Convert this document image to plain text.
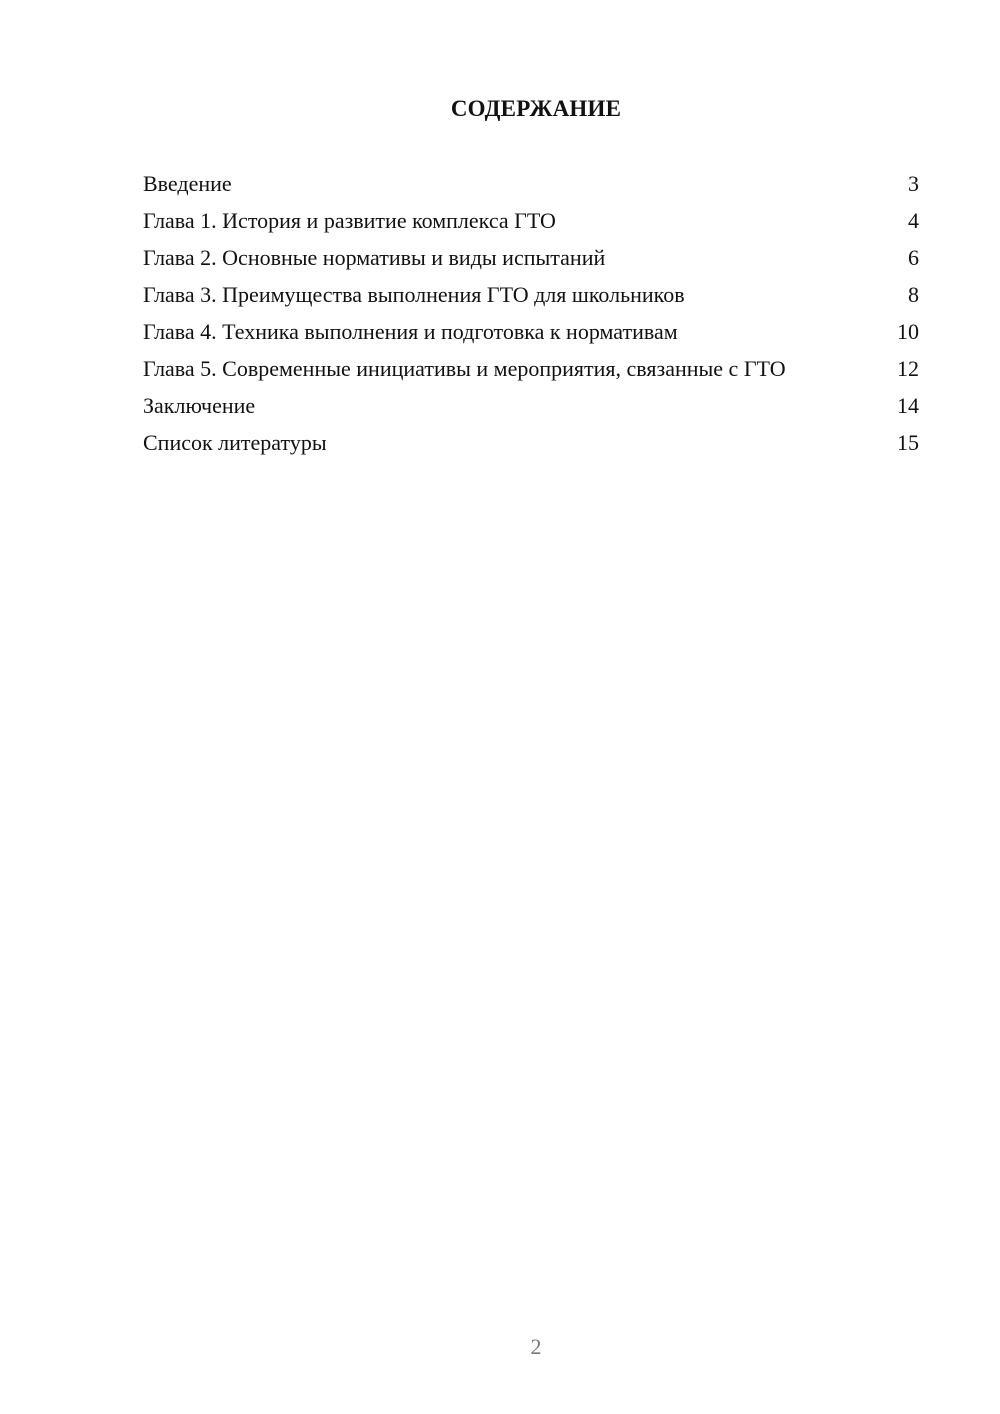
СОДЕРЖАНИЕ
Введение	3
Глава 1. История и развитие комплекса ГТО	4
Глава 2. Основные нормативы и виды испытаний	6
Глава 3. Преимущества выполнения ГТО для школьников	8
Глава 4. Техника выполнения и подготовка к нормативам	10
Глава 5. Современные инициативы и мероприятия, связанные с ГТО	12
Заключение	14
Список литературы	15
2
